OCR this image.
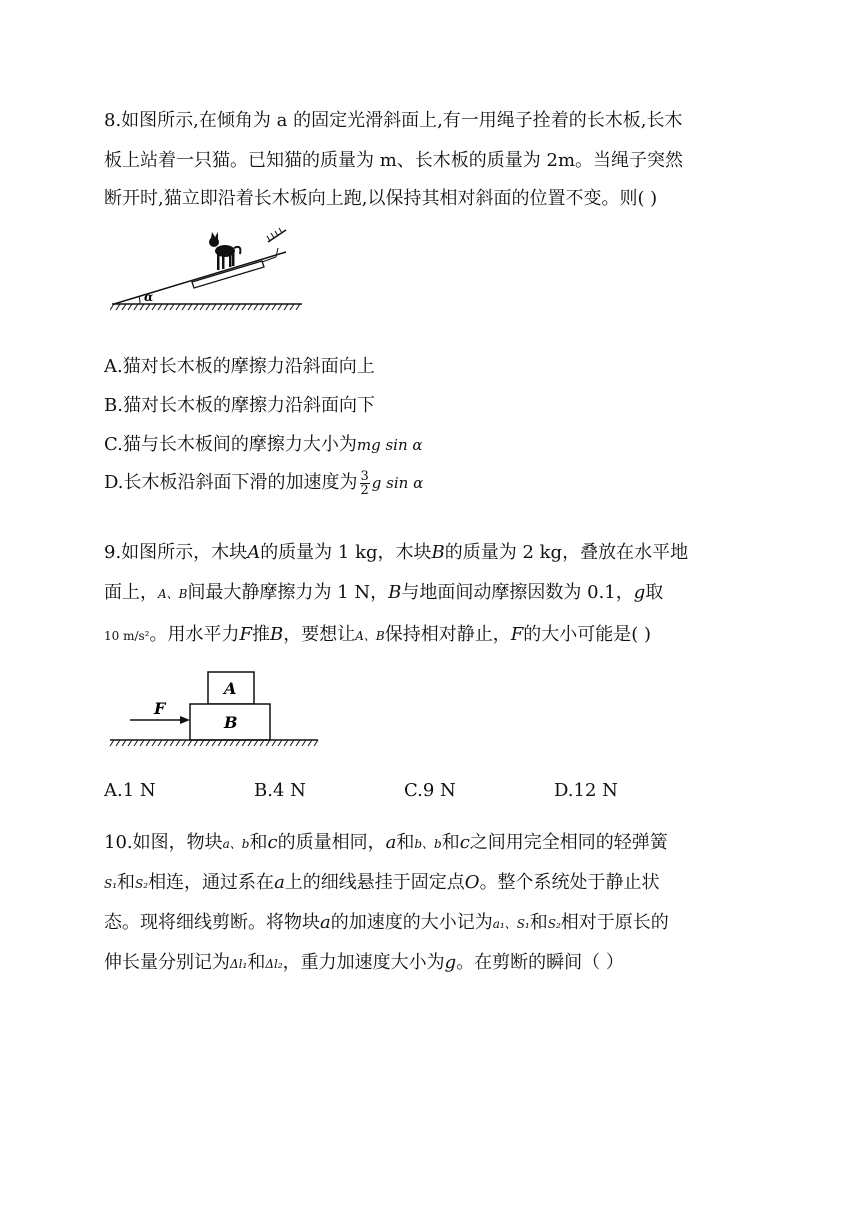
8.如图所示,在倾角为 a 的固定光滑斜面上,有一用绳子拴着的长木板,长木
板上站着一只猫。已知猫的质量为 m、长木板的质量为 2m。当绳子突然
断开时,猫立即沿着长木板向上跑,以保持其相对斜面的位置不变。则( )
α
A.猫对长木板的摩擦力沿斜面向上
B.猫对长木板的摩擦力沿斜面向下
C.猫与长木板间的摩擦力大小为mg sin α
D.长木板沿斜面下滑的加速度为 $\frac{3}{2}$ g sin α
9.如图所示，木块A的质量为 1 kg，木块B的质量为 2 kg，叠放在水平地
面上，A、B间最大静摩擦力为 1 N，B与地面间动摩擦因数为 0.1，g取
10 m/s²。用水平力F推B，要想让A、B保持相对静止，F的大小可能是( )
A
B
F
A.1 N	B.4 N	C.9 N	D.12 N
10.如图，物块a、b和c的质量相同，a和b、b和c之间用完全相同的轻弹簧
S₁和S₂相连，通过系在a上的细线悬挂于固定点O。整个系统处于静止状
态。现将细线剪断。将物块a的加速度的大小记为a₁、S₁和S₂相对于原长的
伸长量分别记为Δl₁和Δl₂，重力加速度大小为g。在剪断的瞬间（ ）
